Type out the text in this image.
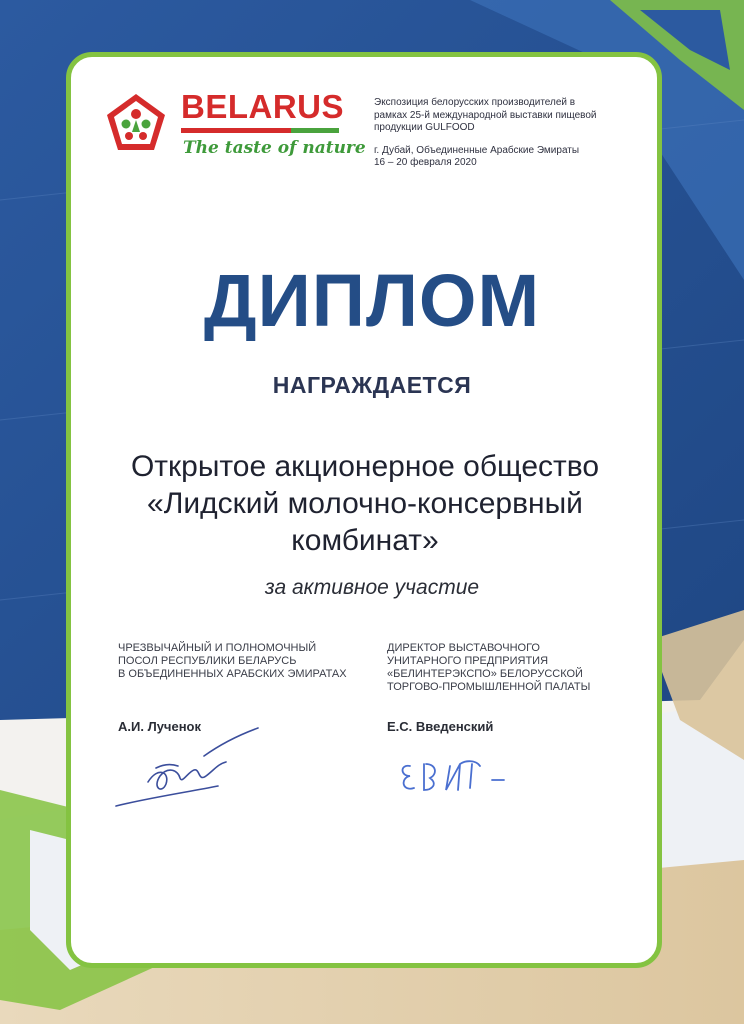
BELARUS
The taste of nature
Экспозиция белорусских производителей в
рамках 25-й международной выставки пищевой
продукции GULFOOD
г. Дубай, Объединенные Арабские Эмираты
16 – 20 февраля 2020
ДИПЛОМ
НАГРАЖДАЕТСЯ
Открытое акционерное общество
«Лидский молочно-консервный
комбинат»
за активное участие
ЧРЕЗВЫЧАЙНЫЙ И ПОЛНОМОЧНЫЙ
ПОСОЛ РЕСПУБЛИКИ БЕЛАРУСЬ
В ОБЪЕДИНЕННЫХ АРАБСКИХ ЭМИРАТАХ
ДИРЕКТОР ВЫСТАВОЧНОГО
УНИТАРНОГО ПРЕДПРИЯТИЯ
«БЕЛИНТЕРЭКСПО» БЕЛОРУССКОЙ
ТОРГОВО-ПРОМЫШЛЕННОЙ ПАЛАТЫ
А.И. Лученок	Е.С. Введенский
